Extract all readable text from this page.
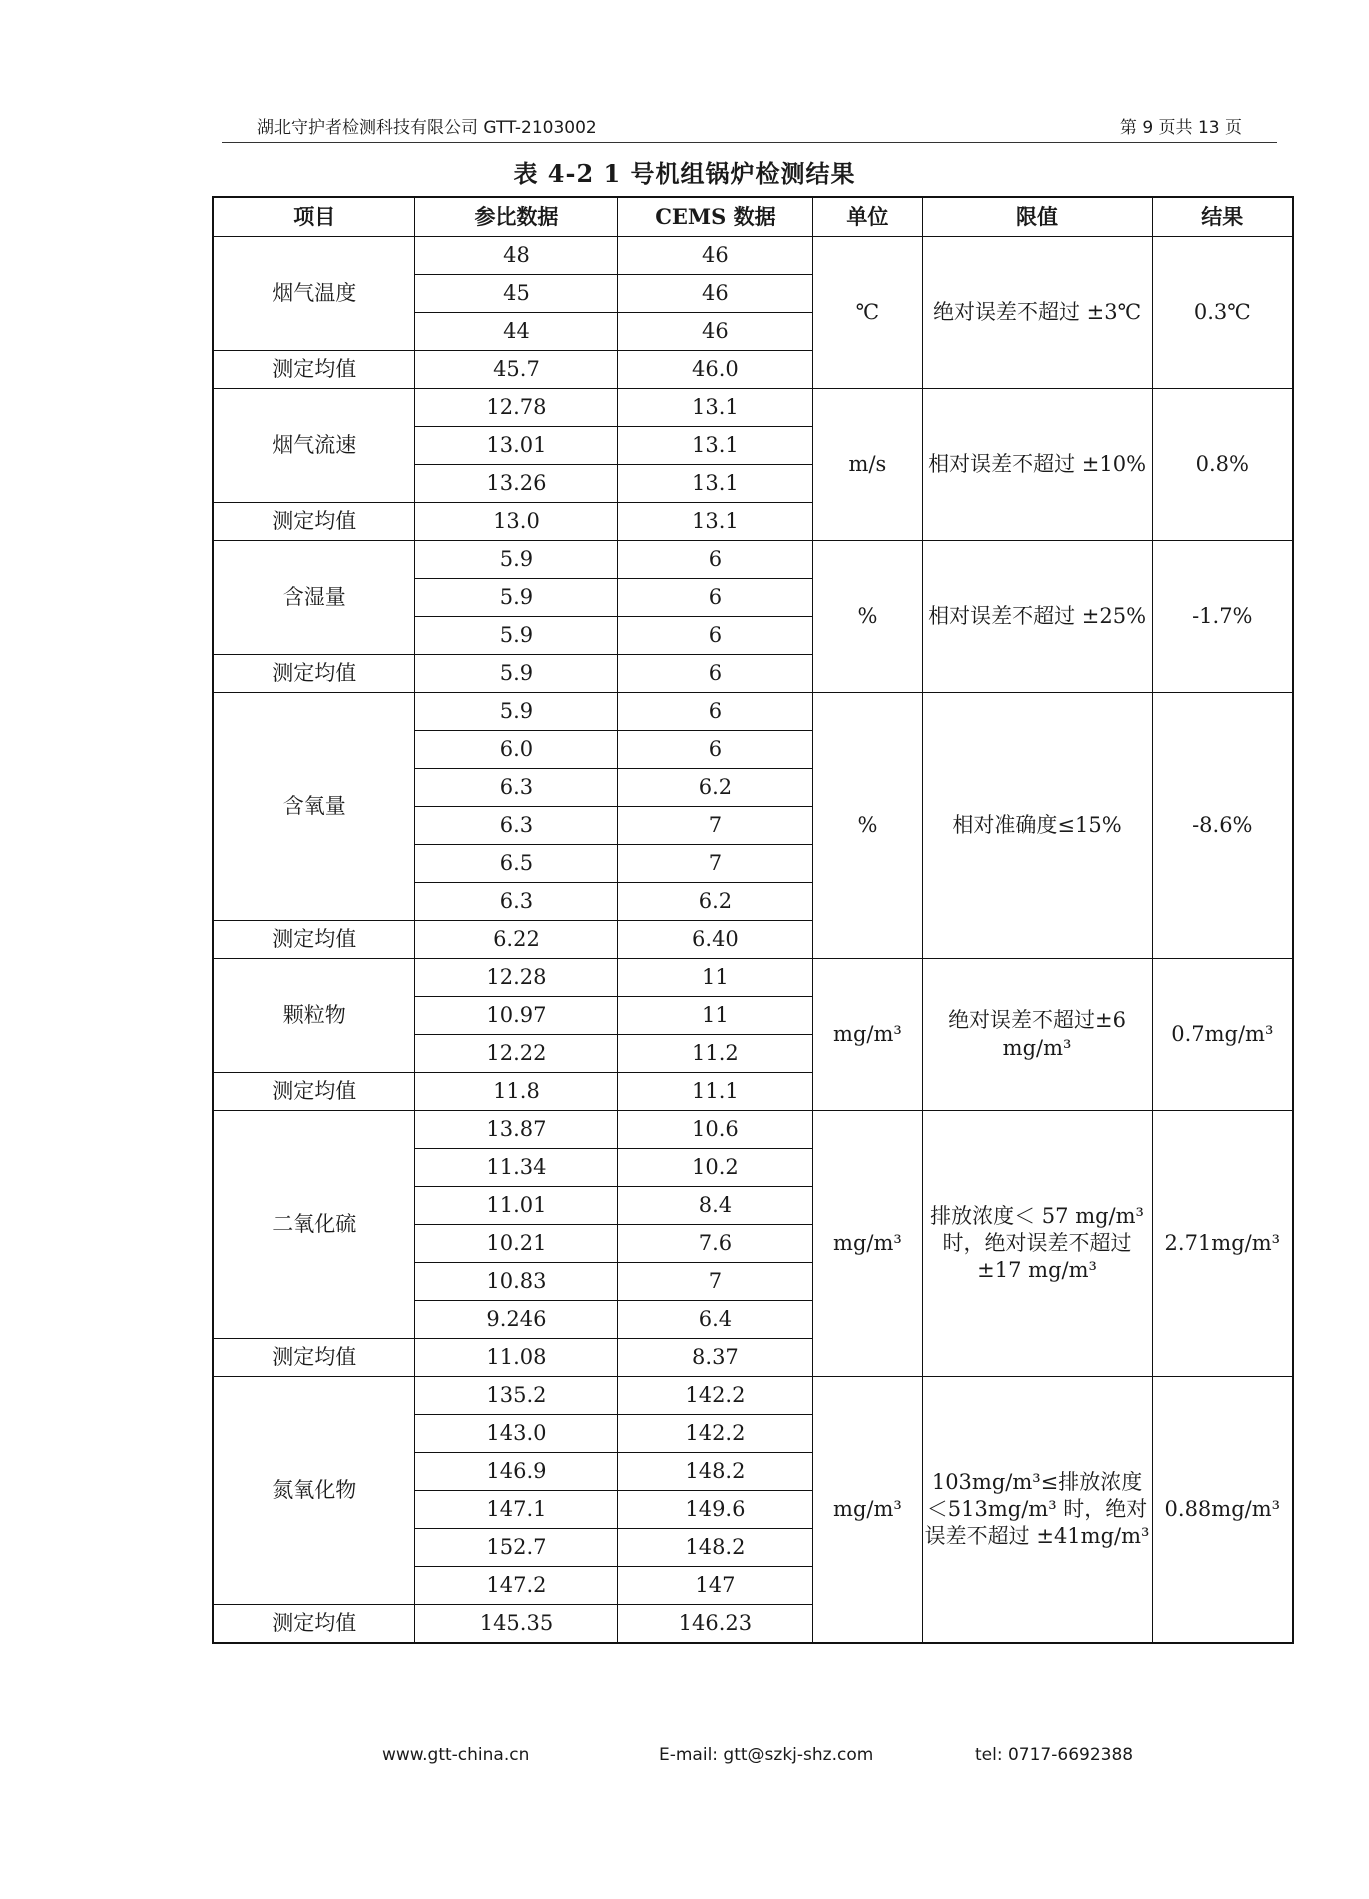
湖北守护者检测科技有限公司 GTT-2103002	第 9 页共 13 页
表 4-2 1 号机组锅炉检测结果
项目	参比数据	CEMS 数据	单位	限值	结果
烟气温度	48	46	℃	绝对误差不超过 ±3℃	0.3℃
	45	46			
	44	46			
测定均值	45.7	46.0			
烟气流速	12.78	13.1	m/s	相对误差不超过 ±10%	0.8%
	13.01	13.1			
	13.26	13.1			
测定均值	13.0	13.1			
含湿量	5.9	6	%	相对误差不超过 ±25%	-1.7%
	5.9	6			
	5.9	6			
测定均值	5.9	6			
含氧量	5.9	6	%	相对准确度≤15%	-8.6%
	6.0	6			
	6.3	6.2			
	6.3	7			
	6.5	7			
	6.3	6.2			
测定均值	6.22	6.40			
颗粒物	12.28	11	mg/m³	绝对误差不超过±6 mg/m³	0.7mg/m³
	10.97	11			
	12.22	11.2			
测定均值	11.8	11.1			
二氧化硫	13.87	10.6	mg/m³	排放浓度＜ 57 mg/m³ 时，绝对误差不超过±17 mg/m³	2.71mg/m³
	11.34	10.2			
	11.01	8.4			
	10.21	7.6			
	10.83	7			
	9.246	6.4			
测定均值	11.08	8.37			
氮氧化物	135.2	142.2	mg/m³	103mg/m³≤排放浓度＜513mg/m³ 时，绝对误差不超过 ±41mg/m³	0.88mg/m³
	143.0	142.2			
	146.9	148.2			
	147.1	149.6			
	152.7	148.2			
	147.2	147			
测定均值	145.35	146.23			
www.gtt-china.cn	E-mail: gtt@szkj-shz.com	tel: 0717-6692388
